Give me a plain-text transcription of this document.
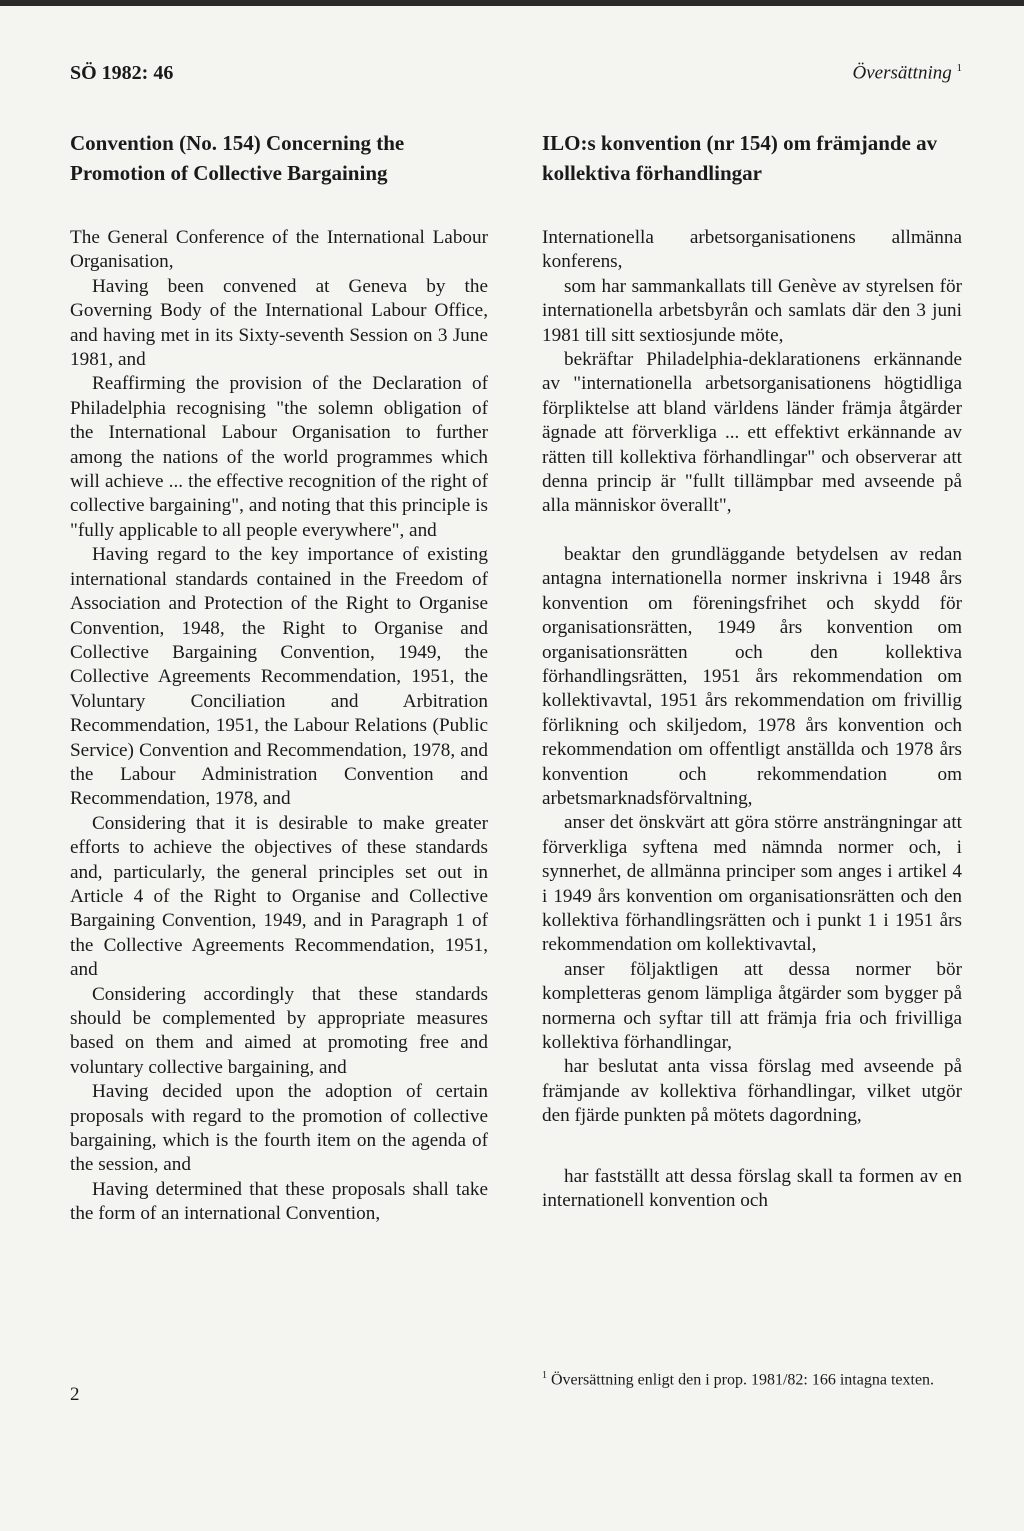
SÖ 1982: 46	Översättning $^1$
Convention (No. 154) Concerning the Promotion of Collective Bargaining

The General Conference of the International Labour Organisation,

Having been convened at Geneva by the Governing Body of the International Labour Office, and having met in its Sixty-seventh Session on 3 June 1981, and

Reaffirming the provision of the Declaration of Philadelphia recognising "the solemn obligation of the International Labour Organisation to further among the nations of the world programmes which will achieve ... the effective recognition of the right of collective bargaining", and noting that this principle is "fully applicable to all people everywhere", and

Having regard to the key importance of existing international standards contained in the Freedom of Association and Protection of the Right to Organise Convention, 1948, the Right to Organise and Collective Bargaining Convention, 1949, the Collective Agreements Recommendation, 1951, the Voluntary Conciliation and Arbitration Recommendation, 1951, the Labour Relations (Public Service) Convention and Recommendation, 1978, and the Labour Administration Convention and Recommendation, 1978, and

Considering that it is desirable to make greater efforts to achieve the objectives of these standards and, particularly, the general principles set out in Article 4 of the Right to Organise and Collective Bargaining Convention, 1949, and in Paragraph 1 of the Collective Agreements Recommendation, 1951, and

Considering accordingly that these standards should be complemented by appropriate measures based on them and aimed at promoting free and voluntary collective bargaining, and

Having decided upon the adoption of certain proposals with regard to the promotion of collective bargaining, which is the fourth item on the agenda of the session, and

Having determined that these proposals shall take the form of an international Convention,

ILO:s konvention (nr 154) om främjande av kollektiva förhandlingar

Internationella arbetsorganisationens allmänna konferens,

som har sammankallats till Genève av styrelsen för internationella arbetsbyrån och samlats där den 3 juni 1981 till sitt sextiosjunde möte,

bekräftar Philadelphia-deklarationens erkännande av "internationella arbetsorganisationens högtidliga förpliktelse att bland världens länder främja åtgärder ägnade att förverkliga ... ett effektivt erkännande av rätten till kollektiva förhandlingar" och observerar att denna princip är "fullt tillämpbar med avseende på alla människor överallt",

beaktar den grundläggande betydelsen av redan antagna internationella normer inskrivna i 1948 års konvention om föreningsfrihet och skydd för organisationsrätten, 1949 års konvention om organisationsrätten och den kollektiva förhandlingsrätten, 1951 års rekommendation om kollektivavtal, 1951 års rekommendation om frivillig förlikning och skiljedom, 1978 års konvention och rekommendation om offentligt anställda och 1978 års konvention och rekommendation om arbetsmarknadsförvaltning,

anser det önskvärt att göra större ansträngningar att förverkliga syftena med nämnda normer och, i synnerhet, de allmänna principer som anges i artikel 4 i 1949 års konvention om organisationsrätten och den kollektiva förhandlingsrätten och i punkt 1 i 1951 års rekommendation om kollektivavtal,

anser följaktligen att dessa normer bör kompletteras genom lämpliga åtgärder som bygger på normerna och syftar till att främja fria och frivilliga kollektiva förhandlingar,

har beslutat anta vissa förslag med avseende på främjande av kollektiva förhandlingar, vilket utgör den fjärde punkten på mötets dagordning,

har fastställt att dessa förslag skall ta formen av en internationell konvention och

2
$^1$ Översättning enligt den i prop. 1981/82: 166 intagna texten.
